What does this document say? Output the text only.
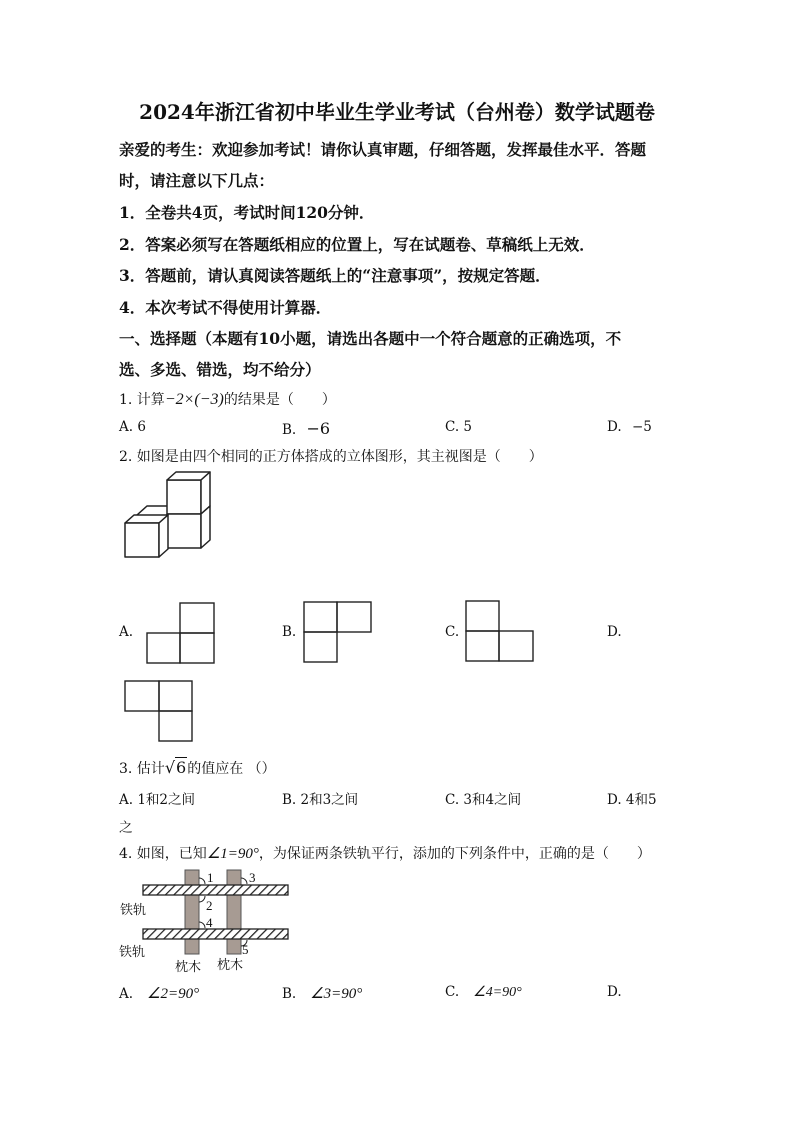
2024年浙江省初中毕业生学业考试（台州卷）数学试题卷
亲爱的考生：欢迎参加考试！请你认真审题，仔细答题，发挥最佳水平．答题
时，请注意以下几点：
1．全卷共4页，考试时间120分钟．
2．答案必须写在答题纸相应的位置上，写在试题卷、草稿纸上无效．
3．答题前，请认真阅读答题纸上的“注意事项”，按规定答题．
4．本次考试不得使用计算器．
一、选择题（本题有10小题，请选出各题中一个符合题意的正确选项，不
选、多选、错选，均不给分）
1. 计算−2×(−3)的结果是（　　）
A. 6	B. −6	C. 5	D. −5
2. 如图是由四个相同的正方体搭成的立体图形，其主视图是（　　）
A.	B.	C.	D.
3. 估计√6的值应在 （）
A. 1和2之间	B. 2和3之间	C. 3和4之间	D. 4和5
之
4. 如图，已知∠1=90°，为保证两条铁轨平行，添加的下列条件中，正确的是（　　）
1
2
3
4
5
铁轨
铁轨
枕木 枕木
A. ∠2=90°	B. ∠3=90°	C. ∠4=90°	D.
